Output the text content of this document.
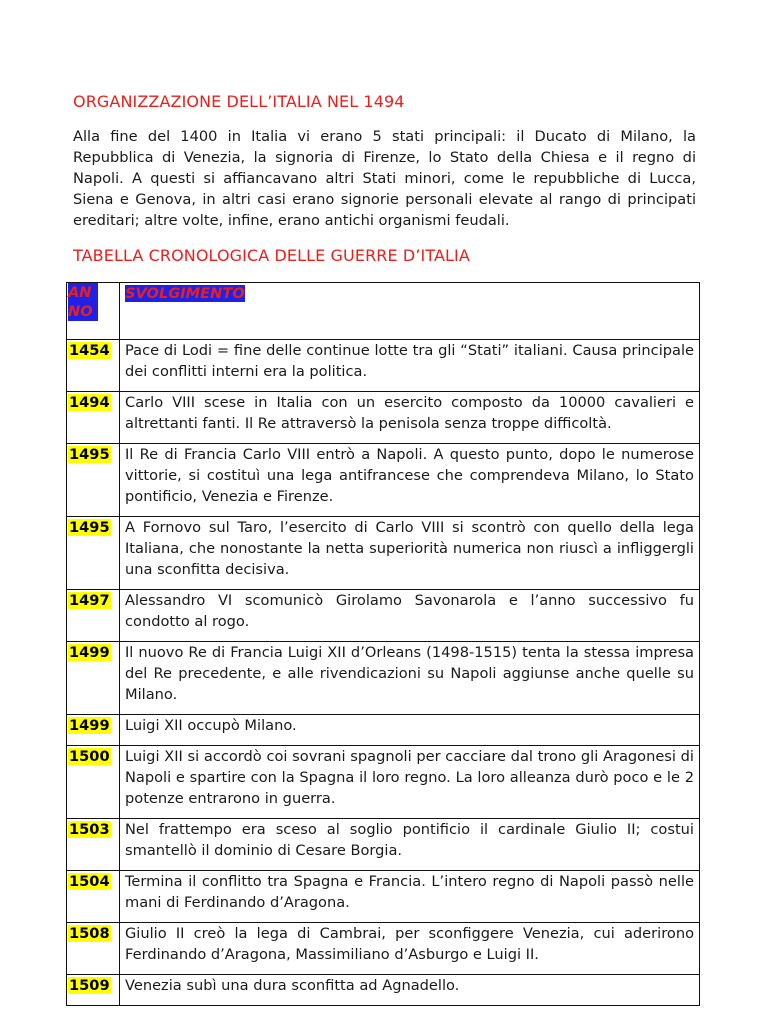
ORGANIZZAZIONE DELL’ITALIA NEL 1494

Alla fine del 1400 in Italia vi erano 5 stati principali: il Ducato di Milano, la Repubblica di Venezia, la signoria di Firenze, lo Stato della Chiesa e il regno di Napoli. A questi si affiancavano altri Stati minori, come le repubbliche di Lucca, Siena e Genova, in altri casi erano signorie personali elevate al rango di principati ereditari; altre volte, infine, erano antichi organismi feudali.

TABELLA CRONOLOGICA DELLE GUERRE D’ITALIA
ANNO	SVOLGIMENTO
1454	Pace di Lodi = fine delle continue lotte tra gli “Stati” italiani. Causa principale dei conflitti interni era la politica.
1494	Carlo VIII scese in Italia con un esercito composto da 10000 cavalieri e altrettanti fanti. Il Re attraversò la penisola senza troppe difficoltà.
1495	Il Re di Francia Carlo VIII entrò a Napoli. A questo punto, dopo le numerose vittorie, si costituì una lega antifrancese che comprendeva Milano, lo Stato pontificio, Venezia e Firenze.
1495	A Fornovo sul Taro, l’esercito di Carlo VIII si scontrò con quello della lega Italiana, che nonostante la netta superiorità numerica non riuscì a infliggergli una sconfitta decisiva.
1497	Alessandro VI scomunicò Girolamo Savonarola e l’anno successivo fu condotto al rogo.
1499	Il nuovo Re di Francia Luigi XII d’Orleans (1498-1515) tenta la stessa impresa del Re precedente, e alle rivendicazioni su Napoli aggiunse anche quelle su Milano.
1499	Luigi XII occupò Milano.
1500	Luigi XII si accordò coi sovrani spagnoli per cacciare dal trono gli Aragonesi di Napoli e spartire con la Spagna il loro regno. La loro alleanza durò poco e le 2 potenze entrarono in guerra.
1503	Nel frattempo era sceso al soglio pontificio il cardinale Giulio II; costui smantellò il dominio di Cesare Borgia.
1504	Termina il conflitto tra Spagna e Francia. L’intero regno di Napoli passò nelle mani di Ferdinando d’Aragona.
1508	Giulio II creò la lega di Cambrai, per sconfiggere Venezia, cui aderirono Ferdinando d’Aragona, Massimiliano d’Asburgo e Luigi II.
1509	Venezia subì una dura sconfitta ad Agnadello.
